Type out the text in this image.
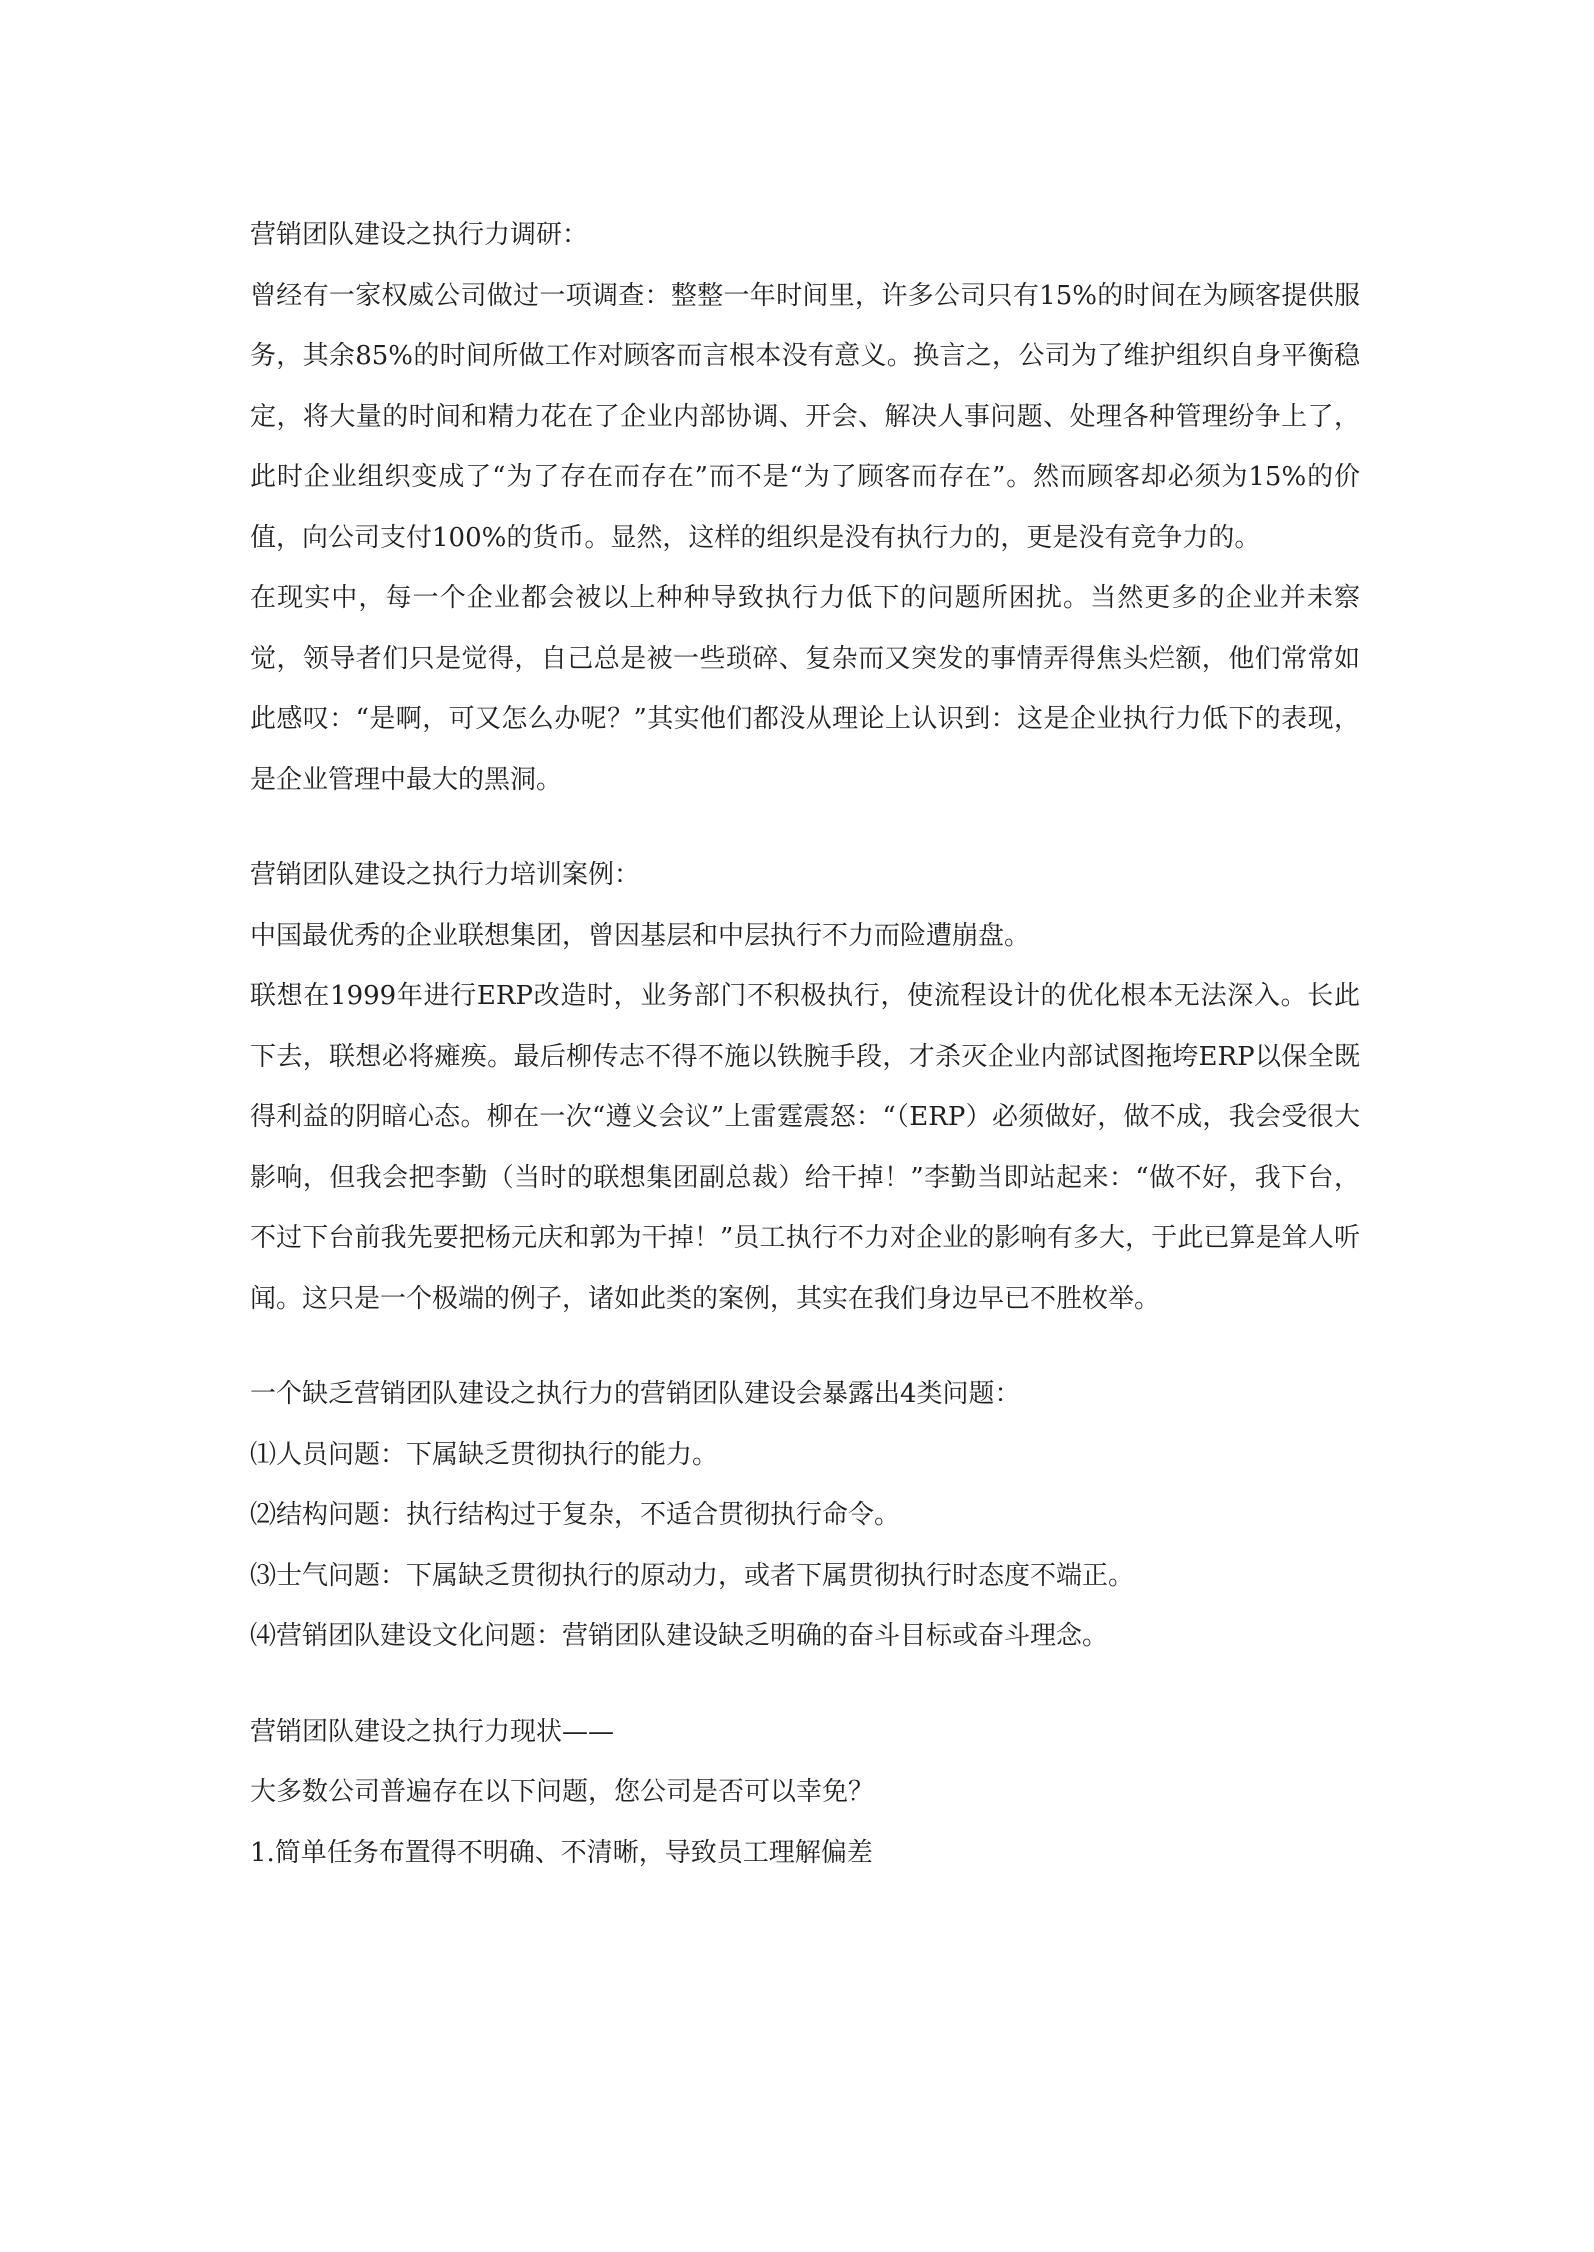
营销团队建设之执行力调研：

曾经有一家权威公司做过一项调查：整整一年时间里，许多公司只有15%的时间在为顾客提供服务，其余85%的时间所做工作对顾客而言根本没有意义。换言之，公司为了维护组织自身平衡稳定，将大量的时间和精力花在了企业内部协调、开会、解决人事问题、处理各种管理纷争上了，此时企业组织变成了“为了存在而存在”而不是“为了顾客而存在”。然而顾客却必须为15%的价值，向公司支付100%的货币。显然，这样的组织是没有执行力的，更是没有竞争力的。

在现实中，每一个企业都会被以上种种导致执行力低下的问题所困扰。当然更多的企业并未察觉，领导者们只是觉得，自己总是被一些琐碎、复杂而又突发的事情弄得焦头烂额，他们常常如此感叹：“是啊，可又怎么办呢？”其实他们都没从理论上认识到：这是企业执行力低下的表现，是企业管理中最大的黑洞。

营销团队建设之执行力培训案例：

中国最优秀的企业联想集团，曾因基层和中层执行不力而险遭崩盘。

联想在1999年进行ERP改造时，业务部门不积极执行，使流程设计的优化根本无法深入。长此下去，联想必将瘫痪。最后柳传志不得不施以铁腕手段，才杀灭企业内部试图拖垮ERP以保全既得利益的阴暗心态。柳在一次“遵义会议”上雷霆震怒：“（ERP）必须做好，做不成，我会受很大影响，但我会把李勤（当时的联想集团副总裁）给干掉！”李勤当即站起来：“做不好，我下台，不过下台前我先要把杨元庆和郭为干掉！”员工执行不力对企业的影响有多大，于此已算是耸人听闻。这只是一个极端的例子，诸如此类的案例，其实在我们身边早已不胜枚举。

一个缺乏营销团队建设之执行力的营销团队建设会暴露出4类问题：

⑴人员问题：下属缺乏贯彻执行的能力。

⑵结构问题：执行结构过于复杂，不适合贯彻执行命令。

⑶士气问题：下属缺乏贯彻执行的原动力，或者下属贯彻执行时态度不端正。

⑷营销团队建设文化问题：营销团队建设缺乏明确的奋斗目标或奋斗理念。

营销团队建设之执行力现状——

大多数公司普遍存在以下问题，您公司是否可以幸免？

1.简单任务布置得不明确、不清晰，导致员工理解偏差
